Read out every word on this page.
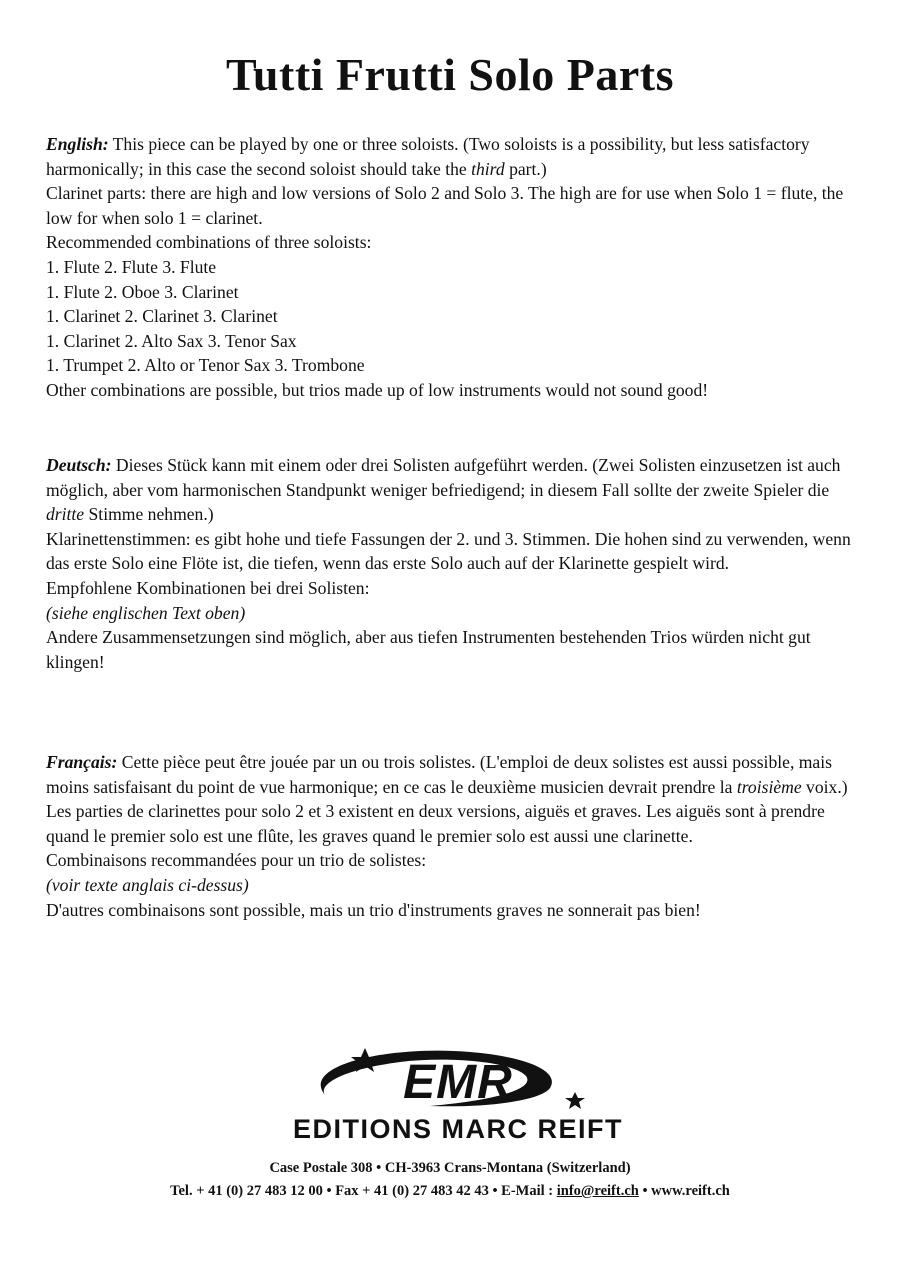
Tutti Frutti Solo Parts

English: This piece can be played by one or three soloists. (Two soloists is a possibility, but less satisfactory harmonically; in this case the second soloist should take the third part.)

Clarinet parts: there are high and low versions of Solo 2 and Solo 3. The high are for use when Solo 1 = flute, the low for when solo 1 = clarinet.

Recommended combinations of three soloists:

1. Flute 2. Flute 3. Flute

1. Flute 2. Oboe 3. Clarinet

1. Clarinet 2. Clarinet 3. Clarinet

1. Clarinet 2. Alto Sax 3. Tenor Sax

1. Trumpet 2. Alto or Tenor Sax 3. Trombone

Other combinations are possible, but trios made up of low instruments would not sound good!

Deutsch: Dieses Stück kann mit einem oder drei Solisten aufgeführt werden. (Zwei Solisten einzusetzen ist auch möglich, aber vom harmonischen Standpunkt weniger befriedigend; in diesem Fall sollte der zweite Spieler die dritte Stimme nehmen.)

Klarinettenstimmen: es gibt hohe und tiefe Fassungen der 2. und 3. Stimmen. Die hohen sind zu verwenden, wenn das erste Solo eine Flöte ist, die tiefen, wenn das erste Solo auch auf der Klarinette gespielt wird.

Empfohlene Kombinationen bei drei Solisten:

(siehe englischen Text oben)

Andere Zusammensetzungen sind möglich, aber aus tiefen Instrumenten bestehenden Trios würden nicht gut klingen!

Français: Cette pièce peut être jouée par un ou trois solistes. (L'emploi de deux solistes est aussi possible, mais moins satisfaisant du point de vue harmonique; en ce cas le deuxième musicien devrait prendre la troisième voix.)

Les parties de clarinettes pour solo 2 et 3 existent en deux versions, aiguës et graves. Les aiguës sont à prendre quand le premier solo est une flûte, les graves quand le premier solo est aussi une clarinette.

Combinaisons recommandées pour un trio de solistes:

(voir texte anglais ci-dessus)

D'autres combinaisons sont possible, mais un trio d'instruments graves ne sonnerait pas bien!

EMR
EDITIONS MARC REIFT
Case Postale 308 • CH-3963 Crans-Montana (Switzerland)
Tel. + 41 (0) 27 483 12 00 • Fax + 41 (0) 27 483 42 43 • E-Mail : info@reift.ch • www.reift.ch
